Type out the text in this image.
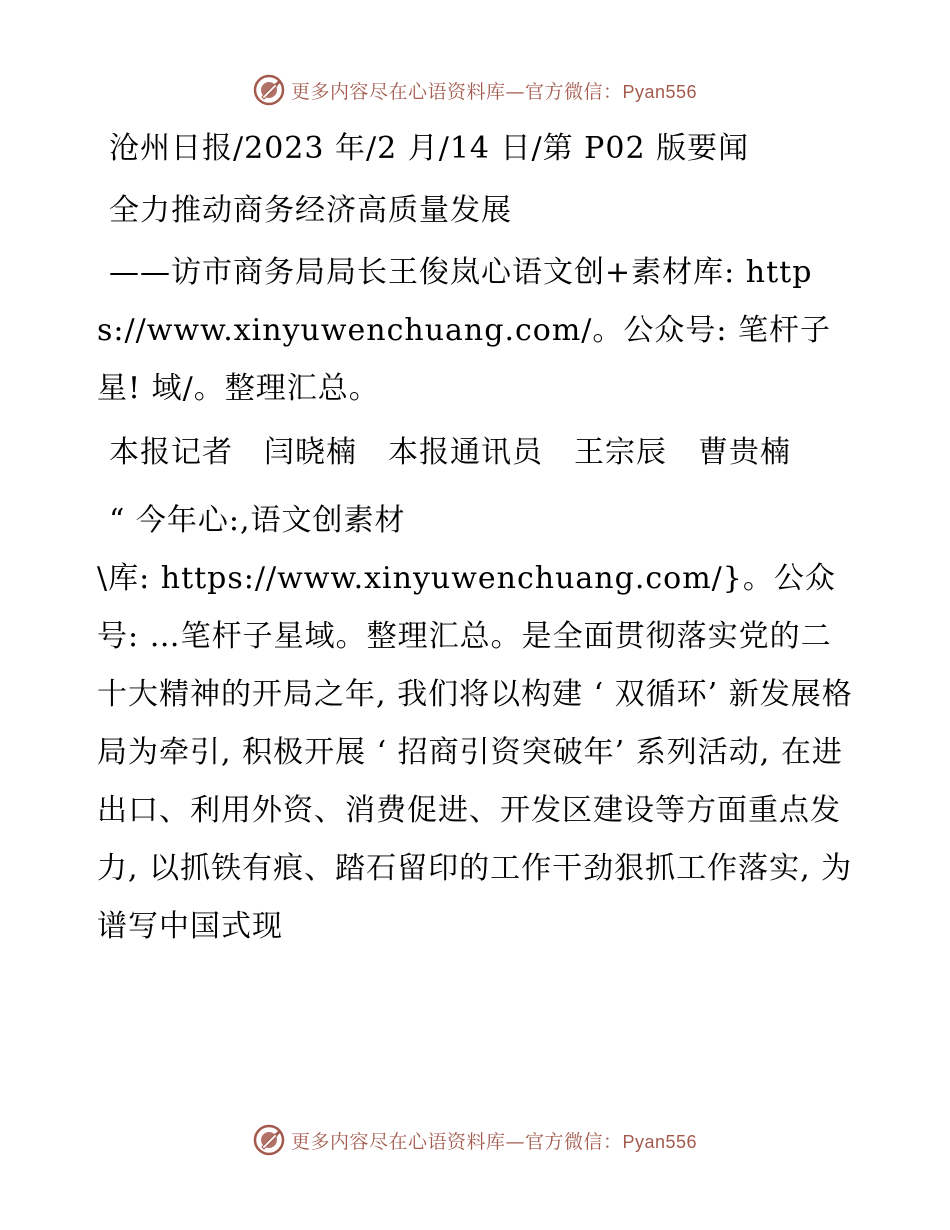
更多内容尽在心语资料库—官方微信：Pyan556

沧州日报/2023 年/2 月/14 日/第 P02 版要闻

全力推动商务经济高质量发展

——访市商务局局长王俊岚心语文创+素材库: https://www.xinyuwenchuang.com/。公众号: 笔杆子星! 域/。整理汇总。

本报记者　闫晓楠　本报通讯员　王宗辰　曹贵楠

“ 今年心:,语文创素材

\库: https://www.xinyuwenchuang.com/}。公众号: …笔杆子星域。整理汇总。是全面贯彻落实党的二十大精神的开局之年, 我们将以构建 ‘ 双循环’ 新发展格局为牵引, 积极开展 ‘ 招商引资突破年’ 系列活动, 在进出口、利用外资、消费促进、开发区建设等方面重点发力, 以抓铁有痕、踏石留印的工作干劲狠抓工作落实, 为谱写中国式现

更多内容尽在心语资料库—官方微信：Pyan556
